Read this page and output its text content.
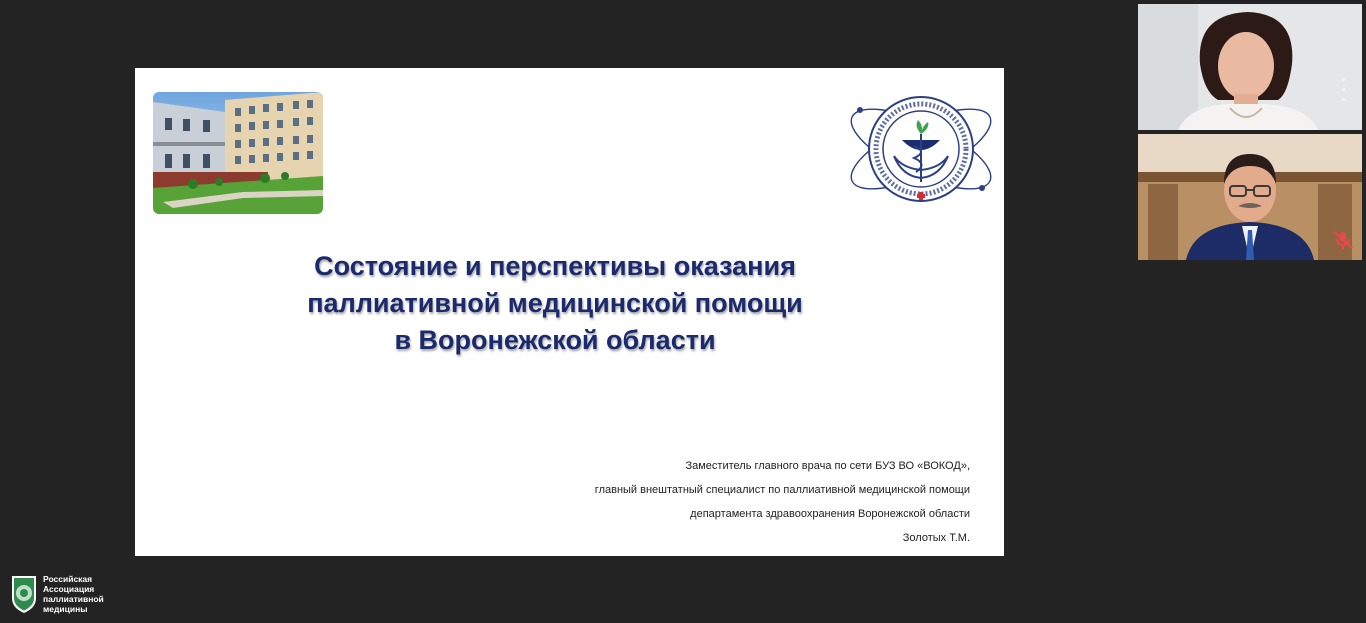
Состояние и перспективы оказания
паллиативной медицинской помощи
в Воронежской области
Заместитель главного врача по сети БУЗ ВО «ВОКОД»,
главный внештатный специалист по паллиативной медицинской помощи
департамента здравоохранения Воронежской области
Золотых Т.М.
Российская
Ассоциация
паллиативной
медицины
